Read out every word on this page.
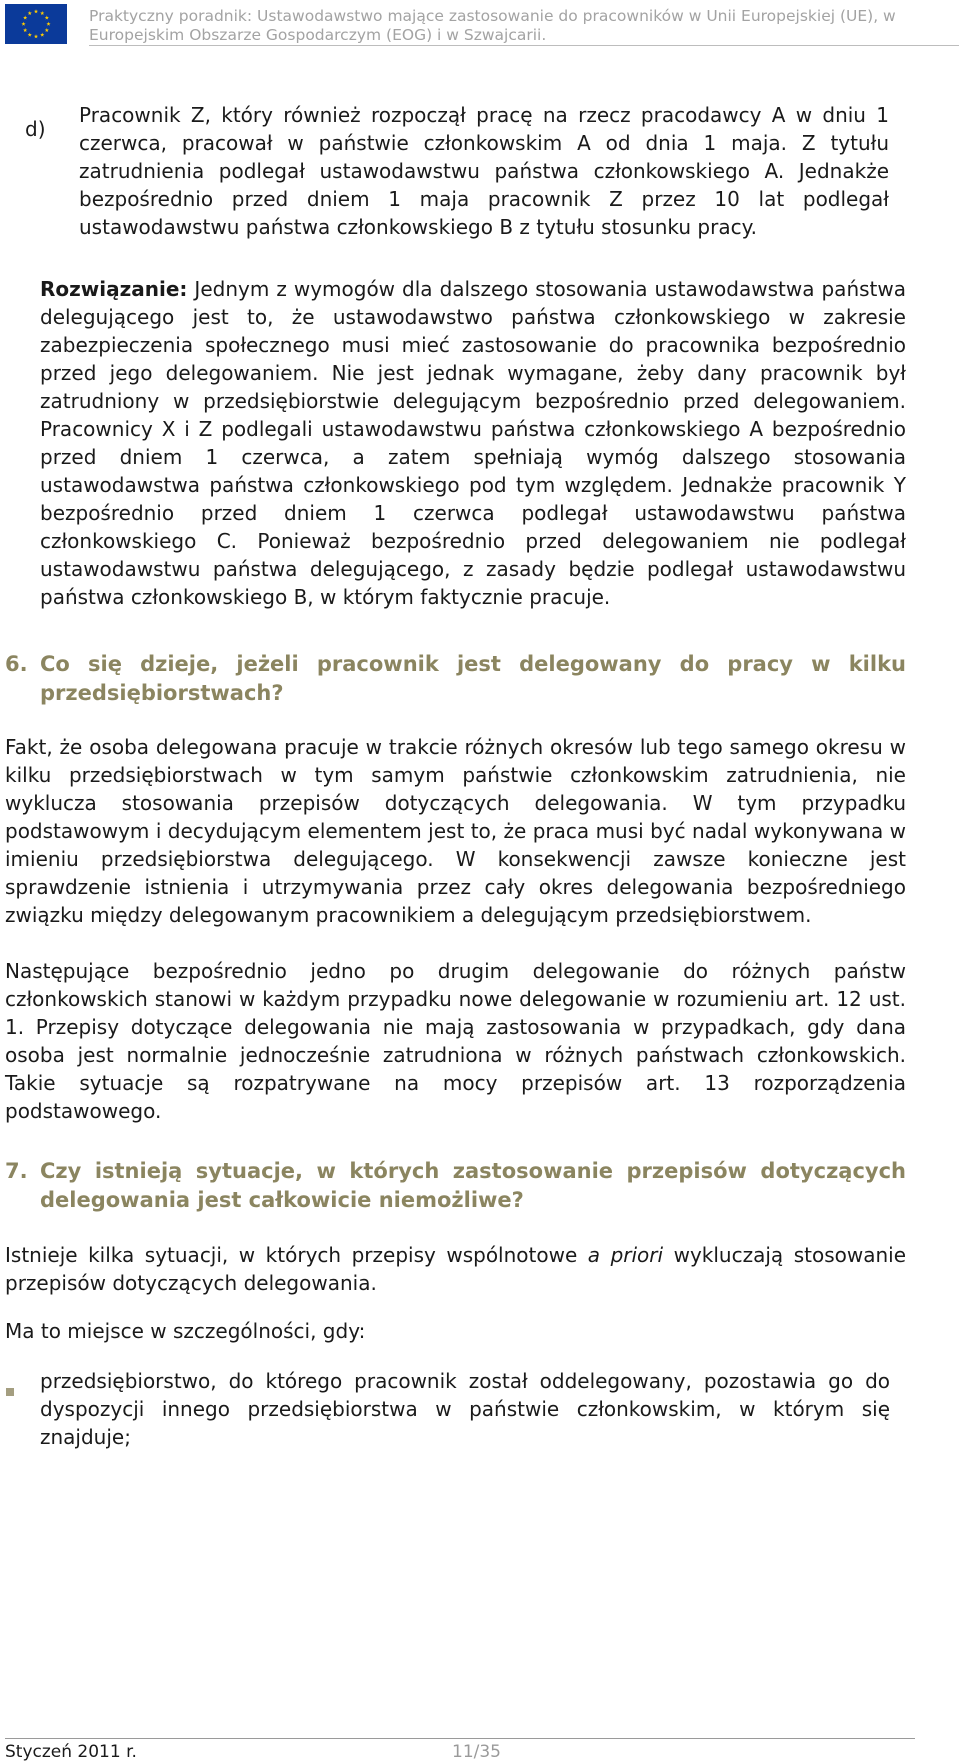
Praktyczny poradnik: Ustawodawstwo mające zastosowanie do pracowników w Unii Europejskiej (UE), w Europejskim Obszarze Gospodarczym (EOG) i w Szwajcarii.
d)
Pracownik Z, który również rozpoczął pracę na rzecz pracodawcy A w dniu 1 czerwca, pracował w państwie członkowskim A od dnia 1 maja. Z tytułu zatrudnienia podlegał ustawodawstwu państwa członkowskiego A. Jednakże bezpośrednio przed dniem 1 maja pracownik Z przez 10 lat podlegał ustawodawstwu państwa członkowskiego B z tytułu stosunku pracy.
Rozwiązanie: Jednym z wymogów dla dalszego stosowania ustawodawstwa państwa delegującego jest to, że ustawodawstwo państwa członkowskiego w zakresie zabezpieczenia społecznego musi mieć zastosowanie do pracownika bezpośrednio przed jego delegowaniem. Nie jest jednak wymagane, żeby dany pracownik był zatrudniony w przedsiębiorstwie delegującym bezpośrednio przed delegowaniem. Pracownicy X i Z podlegali ustawodawstwu państwa członkowskiego A bezpośrednio przed dniem 1 czerwca, a zatem spełniają wymóg dalszego stosowania ustawodawstwa państwa członkowskiego pod tym względem. Jednakże pracownik Y bezpośrednio przed dniem 1 czerwca podlegał ustawodawstwu państwa członkowskiego C. Ponieważ bezpośrednio przed delegowaniem nie podlegał ustawodawstwu państwa delegującego, z zasady będzie podlegał ustawodawstwu państwa członkowskiego B, w którym faktycznie pracuje.
6. Co się dzieje, jeżeli pracownik jest delegowany do pracy w kilku przedsiębiorstwach?
Fakt, że osoba delegowana pracuje w trakcie różnych okresów lub tego samego okresu w kilku przedsiębiorstwach w tym samym państwie członkowskim zatrudnienia, nie wyklucza stosowania przepisów dotyczących delegowania. W tym przypadku podstawowym i decydującym elementem jest to, że praca musi być nadal wykonywana w imieniu przedsiębiorstwa delegującego. W konsekwencji zawsze konieczne jest sprawdzenie istnienia i utrzymywania przez cały okres delegowania bezpośredniego związku między delegowanym pracownikiem a delegującym przedsiębiorstwem.
Następujące bezpośrednio jedno po drugim delegowanie do różnych państw członkowskich stanowi w każdym przypadku nowe delegowanie w rozumieniu art. 12 ust. 1. Przepisy dotyczące delegowania nie mają zastosowania w przypadkach, gdy dana osoba jest normalnie jednocześnie zatrudniona w różnych państwach członkowskich. Takie sytuacje są rozpatrywane na mocy przepisów art. 13 rozporządzenia podstawowego.
7. Czy istnieją sytuacje, w których zastosowanie przepisów dotyczących delegowania jest całkowicie niemożliwe?
Istnieje kilka sytuacji, w których przepisy wspólnotowe a priori wykluczają stosowanie przepisów dotyczących delegowania.
Ma to miejsce w szczególności, gdy:
przedsiębiorstwo, do którego pracownik został oddelegowany, pozostawia go do dyspozycji innego przedsiębiorstwa w państwie członkowskim, w którym się znajduje;
Styczeń 2011 r.	11/35
